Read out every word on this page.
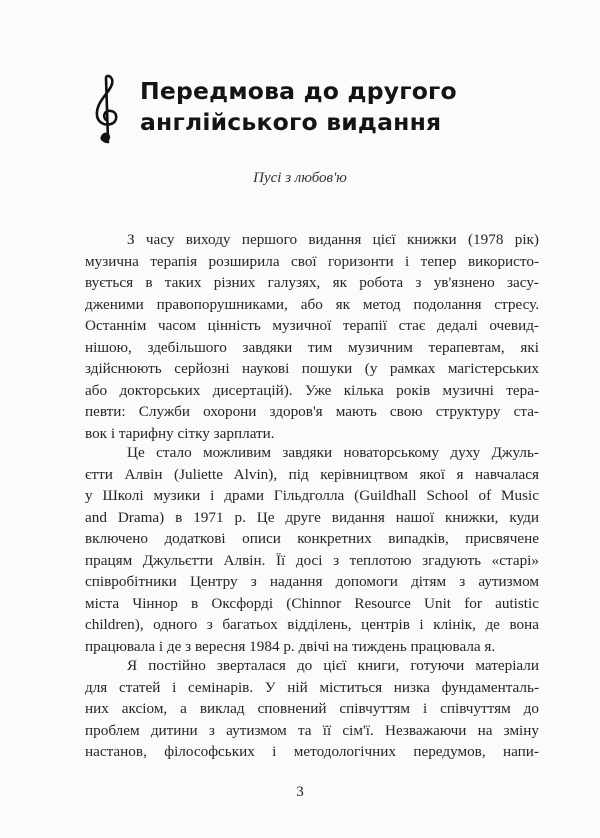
Передмова до другого
англійського видання
Пусі з любов'ю
З часу виходу першого видання цієї книжки (1978 рік)
музична терапія розширила свої горизонти і тепер використо-
вується в таких різних галузях, як робота з ув'язнено засу-
дженими правопорушниками, або як метод подолання стресу.
Останнім часом цінність музичної терапії стає дедалі очевид-
нішою, здебільшого завдяки тим музичним терапевтам, які
здійснюють серйозні наукові пошуки (у рамках магістерських
або докторських дисертацій). Уже кілька років музичні тера-
певти: Служби охорони здоров'я мають свою структуру ста-
вок і тарифну сітку зарплати.
Це стало можливим завдяки новаторському духу Джуль-
єтти Алвін (Juliette Alvin), під керівництвом якої я навчалася
у Школі музики і драми Гільдголла (Guildhall School of Music
and Drama) в 1971 р. Це друге видання нашої книжки, куди
включено додаткові описи конкретних випадків, присвячене
працям Джульєтти Алвін. Її досі з теплотою згадують «старі»
співробітники Центру з надання допомоги дітям з аутизмом
міста Чіннор в Оксфорді (Chinnor Resource Unit for autistic
children), одного з багатьох відділень, центрів і клінік, де вона
працювала і де з вересня 1984 р. двічі на тиждень працювала я.
Я постійно зверталася до цієї книги, готуючи матеріали
для статей і семінарів. У ній міститься низка фундаменталь-
них аксіом, а виклад сповнений співчуттям і співчуттям до
проблем дитини з аутизмом та її сім'ї. Незважаючи на зміну
настанов, філософських і методологічних передумов, напи-
3
